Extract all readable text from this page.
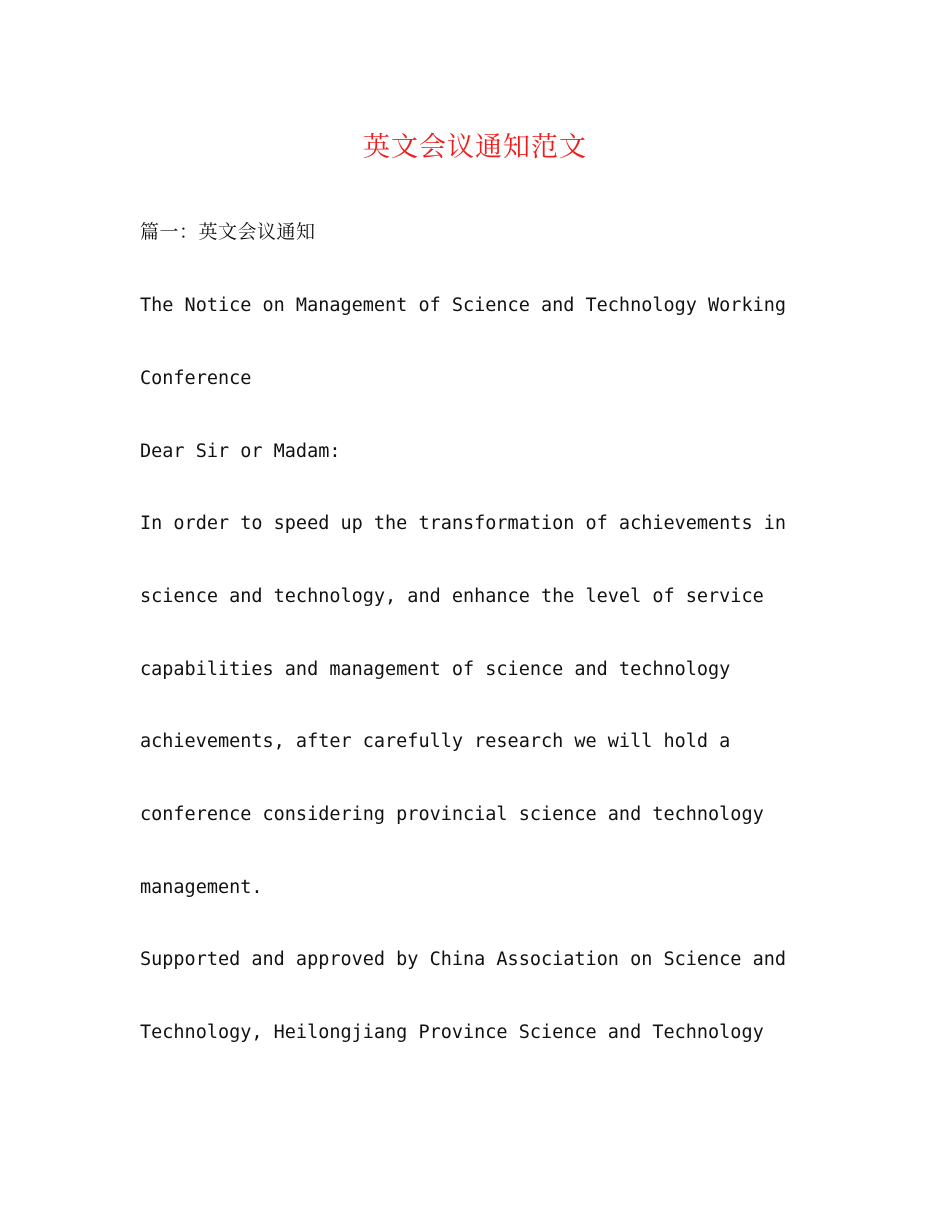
英文会议通知范文
篇一：英文会议通知
The Notice on Management of Science and Technology Working
Conference
Dear Sir or Madam:
In order to speed up the transformation of achievements in
science and technology, and enhance the level of service
capabilities and management of science and technology
achievements, after carefully research we will hold a
conference considering provincial science and technology
management.
Supported and approved by China Association on Science and
Technology, Heilongjiang Province Science and Technology
